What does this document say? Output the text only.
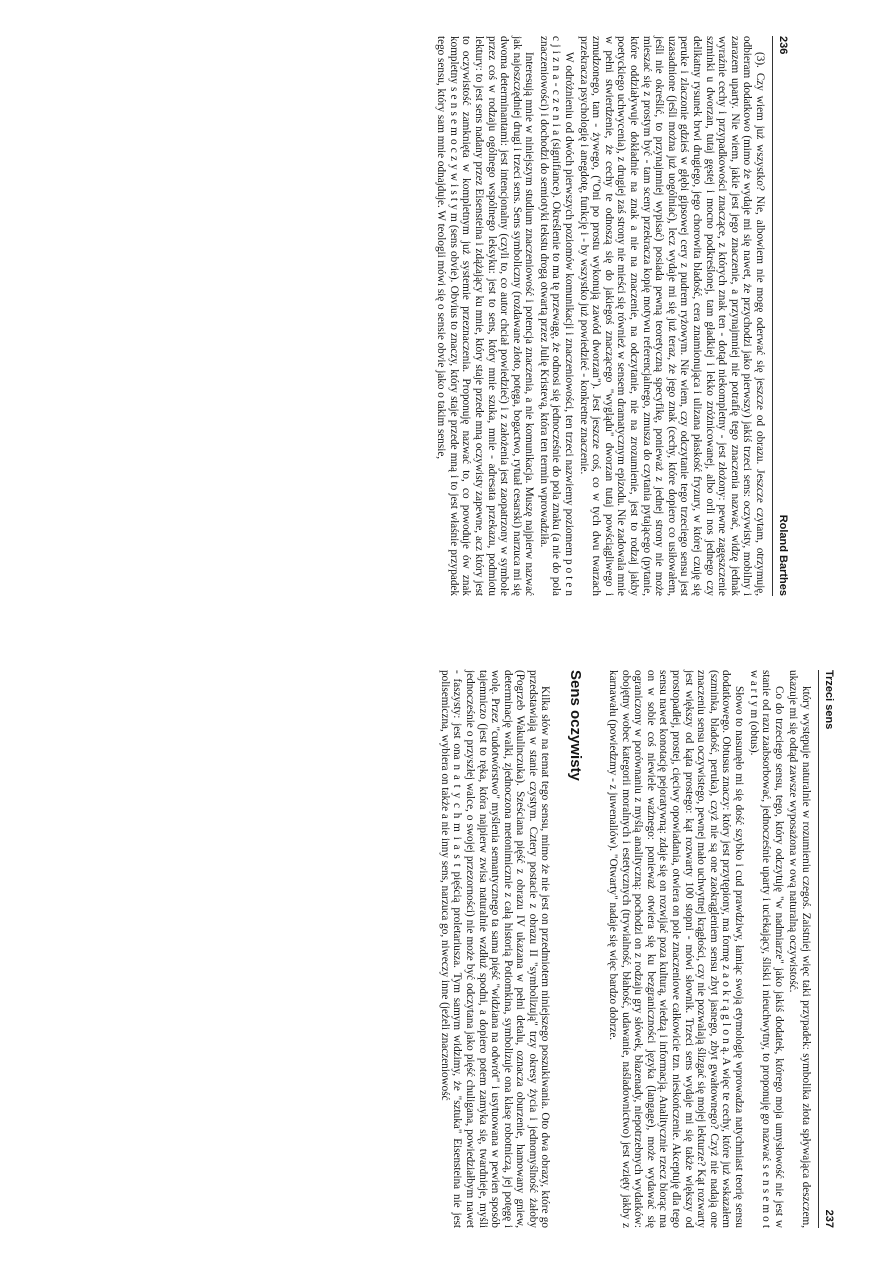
236
Roland Barthes

(3). Czy wiem już wszystko? Nie, albowiem nie mogę oderwać się jeszcze od obrazu. Jeszcze czytam, otrzymuję, odbieram dodatkowo (mimo że wydaje mi się nawet, że przychodzi jako pierwszy) jakiś trzeci sens: oczywisty, mobilny i zarazem uparty. Nie wiem, jakie jest jego znaczenie, a przynajmniej nie potrafię tego znaczenia nazwać, widzę jednak wyraźnie cechy i przypadkowości znaczące, z których znak ten - dotąd niekompletny - jest złożony: pewne zagęszczenie szminki u dworzan, tutaj gęstej i mocno podkreślonej, tam gładkiej i lekko zróżnicowanej, albo orli nos jednego czy delikatny rysunek brwi drugiego, jego chorowita bladość, cera znamionująca i ulizana płaskość fryzury, w której czuję się peruke i zlaczonie gdzieś w głębi gipsowej cery z pudrem ryżowym. Nie wiem, czy odczytanie tego trzeciego sensu jest uzasadnione (jeśli można już uogólniać), lecz wydaje mi się już teraz, że jego znak (cechy, które dopiero co usiłowałem, jeśli nie określić, to przynajmniej wypisać) posiada pewną teoretyczną specyfikę, ponieważ z jednej strony nie może mieszać się z prostym być - tam sceny przekracza kopię motywu referencjalnego, zmusza do czytania pytającego (pytanie, które oddziaływuje dokładnie na znak a nie na znaczenie, na odczytanie, nie na zrozumienie, jest to rodzaj jakby poetyckiego uchwycenia), z drugiej zaś strony nie mieści się również w sensem dramatycznym epizodu. Nie zadowala mnie w pełni stwierdzenie, że cechy te odnoszą się do jakiegoś znaczącego "wyglądu" dworzan tutaj powściągliwego i zmudzonego, tam - żywego, ("Oni po prostu wykonują zawód dworzan"). Jest jeszcze coś, co w tych dwu twarzach przekracza psychologię i anegdotę, funkcję i - by wszystko już powiedzieć - konkretne znaczenie.

W odróżnieniu od dwóch pierwszych poziomów komunikacji i znaczeniowości, ten trzeci nazwiemy poziomem p o t e n c j i z n a - c z e n i a (signifiance). Określenie to ma tę przewagę, że odnosi się jednocześnie do pola znaku (a nie do pola znaczeniowości) i dochodzi do semiotyki tekstu drogą otwartą przez Julię Kristevą, która ten termin wprowadziła.

Interesują mnie w niniejszym studium znaczeniowość i potencja znaczenia, a nie komunikacja. Muszę najpierw nazwać jak najoszczędniej drugi i trzeci sens. Sens symboliczny (rozdawane złoto, potęga, bogactwo, rytuał cesarski) narzuca mi się dwoma determinantami: jest intencjonalny (czyli to, co autor chciał powiedzieć) i z założenia jest zaopatrzony w symbole przez coś w rodzaju ogólnego wspólnego leksyku: jest to sens, który mnie szuka, mnie - adresata przekazu, podmiotu lektury: to jest sens nadany przez Eisensteina i zdążający ku mnie, który staje przede mną oczywisty zapewne, acz który jest to oczywistość zamknięta w kompletnym już systemie przeznaczenia. Proponuję nazwać to, co powoduje ów znak kompletny s e n s e m o c z y w i s t y m (sens obvie). Obvius to znaczy, który staje przede mną i to jest właśnie przypadek tego sensu, który sam mnie odnajduje. W teologii mówi się o sensie obvie jako o takim sensie,

Trzeci sens
237

który występuje naturalnie w rozumieniu czegoś. Zaistniej więc taki przypadek: symbolika złota spływająca deszczem, ukazuje mi się odtąd zawsze wyposażona w ową naturalną oczywistość.

Co do trzeciego sensu, tego, który odczytuję "w nadmiarze" jako jakiś dodatek, którego moja umysłowość nie jest w stanie od razu zaabsorbować, jednocześnie uparty i uciekający, śliski i nieuchwytny, to proponuję go nazwać s e n s e m o t w a r t y m (obtus).

Słowo to nasunęło mi się dość szybko i cud prawdziwy, łamiąc swoją etymologię wprowadza natychmiast teorię sensu dodatkowego. Obtusus znaczy: który jest przytępiony, ma formę z a o k r ą g l o n ą. A więc te cechy, które już wskazałem (szminka, bladość, peruka), czyż nie są one zaokrągleniem sensu zbyt jasnego, zbyt gwałtownego? Czyż nie nadają one znaczeniu sensu oczywistego, pewnej mało uchwytnej krągłości, czy nie pozwalają ślizgać się mojej lekturze? Kąt rozwarty jest większy od kąta prostego: kąt rozwarty 100 stopni - mówi słownik. Trzeci sens wydaje mi się także większy od prostopadłej, prostej, cięciwy opowiadania, otwiera on pole znaczeniowe całkowicie tzn. nieskończenie. Akceptuję dla tego sensu nawet konotację pejoratywną: zdaje się on rozwijać poza kulturą, wiedzą i informacją. Analitycznie rzecz biorąc ma on w sobie coś niewiele ważnego: ponieważ otwiera się ku bezgraniczności języka (langage), może wydawać się ograniczony w porównaniu z myślą analityczną: pochodzi on z rodzaju gry słówek, błazenady, niepotrzebnych wydatków: obojętny wobec kategorii moralnych i estetycznych (trywialność, błahość, udawanie, naśladownictwo) jest wzięty jakby z karnawału (powiedzmy - z juwenaliów). "Otwarty" nadaje się więc bardzo dobrze.

Sens oczywisty

Kilka słów na temat tego sensu, mimo że nie jest on przedmiotem niniejszego poszukiwania. Oto dwa obrazy, które go przedstawiają w stanie czystym. Cztery postacie z obrazu II "symbolizują" trzy okresy życia i jednomyślność żałoby (Pogrzeb Wakulinczuka). Sześciana pięść z obrazu IV ukazana w pełni detalu, oznacza oburzenie, hamowany gniew, determinację walki, zjednoczona metonimicznie z całą historią Potiomkina, symbolizuje ona klasę robotniczą, jej potęgę i wolę. Przez "cudotwórstwo" myślenia semantycznego ta sama pięść "widziana na odwrót" i usytuowana w pewien sposób tajemniczo (jest to ręka, która najpierw zwisa naturalnie wzdłuż spodni, a dopiero potem zamyka się, twardnieje, myśli jednocześnie o przyszłej walce, o swojej przezorności) nie może być odczytana jako pięść chuligana, powiedziałbym nawet - faszysty: jest ona n a t y c h m i a s t pięścią proletariusza. Tym samym widzimy, że "sztuka" Eisensteina nie jest polisemiczna, wybiera on także a nie inny sens, narzuca go, niweczy inne (jeżeli znaczeniowość
